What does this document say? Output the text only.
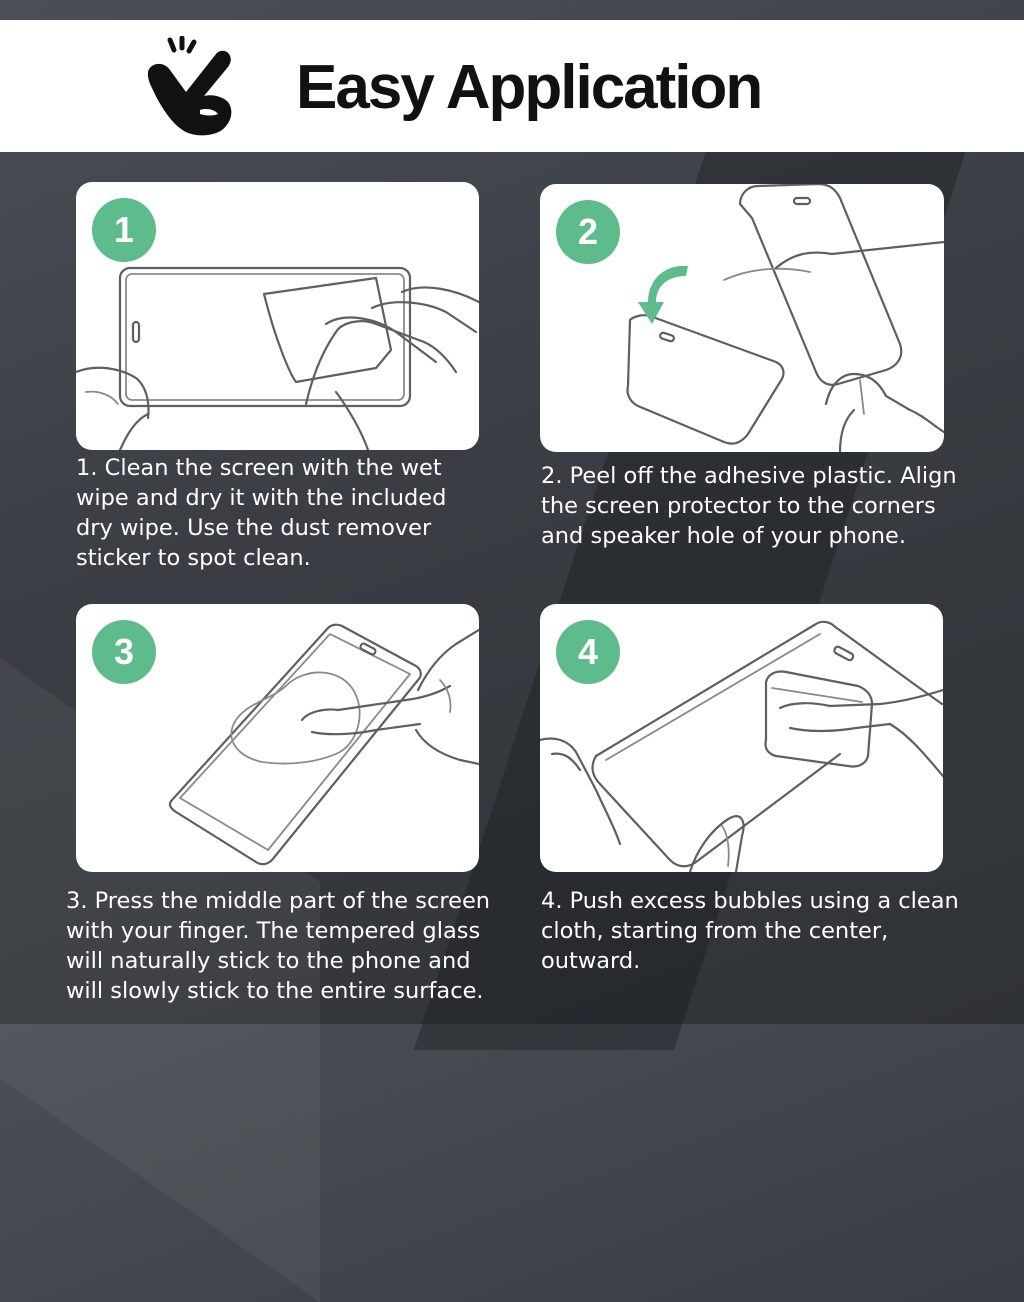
Easy Application
1
1. Clean the screen with the wet wipe and dry it with the included dry wipe. Use the dust remover sticker to spot clean.
2
2. Peel off the adhesive plastic. Align the screen protector to the corners and speaker hole of your phone.
3
3. Press the middle part of the screen with your finger. The tempered glass will naturally stick to the phone and will slowly stick to the entire surface.
4
4. Push excess bubbles using a clean cloth, starting from the center, outward.
